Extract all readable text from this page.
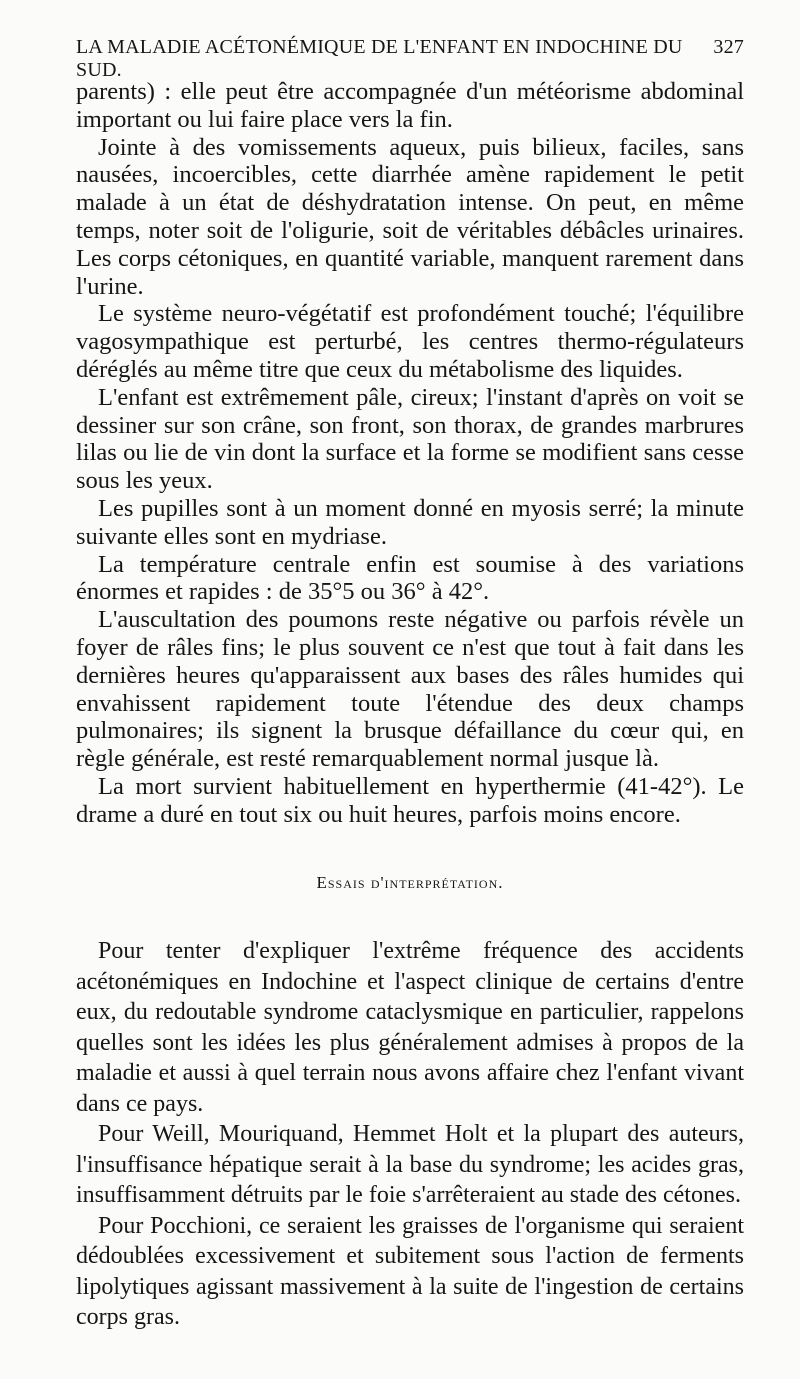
LA MALADIE ACÉTONÉMIQUE DE L'ENFANT EN INDOCHINE DU SUD.
327

parents) : elle peut être accompagnée d'un météorisme abdominal important ou lui faire place vers la fin.

Jointe à des vomissements aqueux, puis bilieux, faciles, sans nausées, incoercibles, cette diarrhée amène rapidement le petit malade à un état de déshydratation intense. On peut, en même temps, noter soit de l'oligurie, soit de véritables débâcles urinaires. Les corps cétoniques, en quantité variable, manquent rarement dans l'urine.

Le système neuro-végétatif est profondément touché; l'équilibre vagosympathique est perturbé, les centres thermo-régulateurs déréglés au même titre que ceux du métabolisme des liquides.

L'enfant est extrêmement pâle, cireux; l'instant d'après on voit se dessiner sur son crâne, son front, son thorax, de grandes marbrures lilas ou lie de vin dont la surface et la forme se modifient sans cesse sous les yeux.

Les pupilles sont à un moment donné en myosis serré; la minute suivante elles sont en mydriase.

La température centrale enfin est soumise à des variations énormes et rapides : de 35°5 ou 36° à 42°.

L'auscultation des poumons reste négative ou parfois révèle un foyer de râles fins; le plus souvent ce n'est que tout à fait dans les dernières heures qu'apparaissent aux bases des râles humides qui envahissent rapidement toute l'étendue des deux champs pulmonaires; ils signent la brusque défaillance du cœur qui, en règle générale, est resté remarquablement normal jusque là.

La mort survient habituellement en hyperthermie (41-42°). Le drame a duré en tout six ou huit heures, parfois moins encore.

Essais d'interprétation.

Pour tenter d'expliquer l'extrême fréquence des accidents acétonémiques en Indochine et l'aspect clinique de certains d'entre eux, du redoutable syndrome cataclysmique en particulier, rappelons quelles sont les idées les plus généralement admises à propos de la maladie et aussi à quel terrain nous avons affaire chez l'enfant vivant dans ce pays.

Pour Weill, Mouriquand, Hemmet Holt et la plupart des auteurs, l'insuffisance hépatique serait à la base du syndrome; les acides gras, insuffisamment détruits par le foie s'arrêteraient au stade des cétones.

Pour Pocchioni, ce seraient les graisses de l'organisme qui seraient dédoublées excessivement et subitement sous l'action de ferments lipolytiques agissant massivement à la suite de l'ingestion de certains corps gras.
